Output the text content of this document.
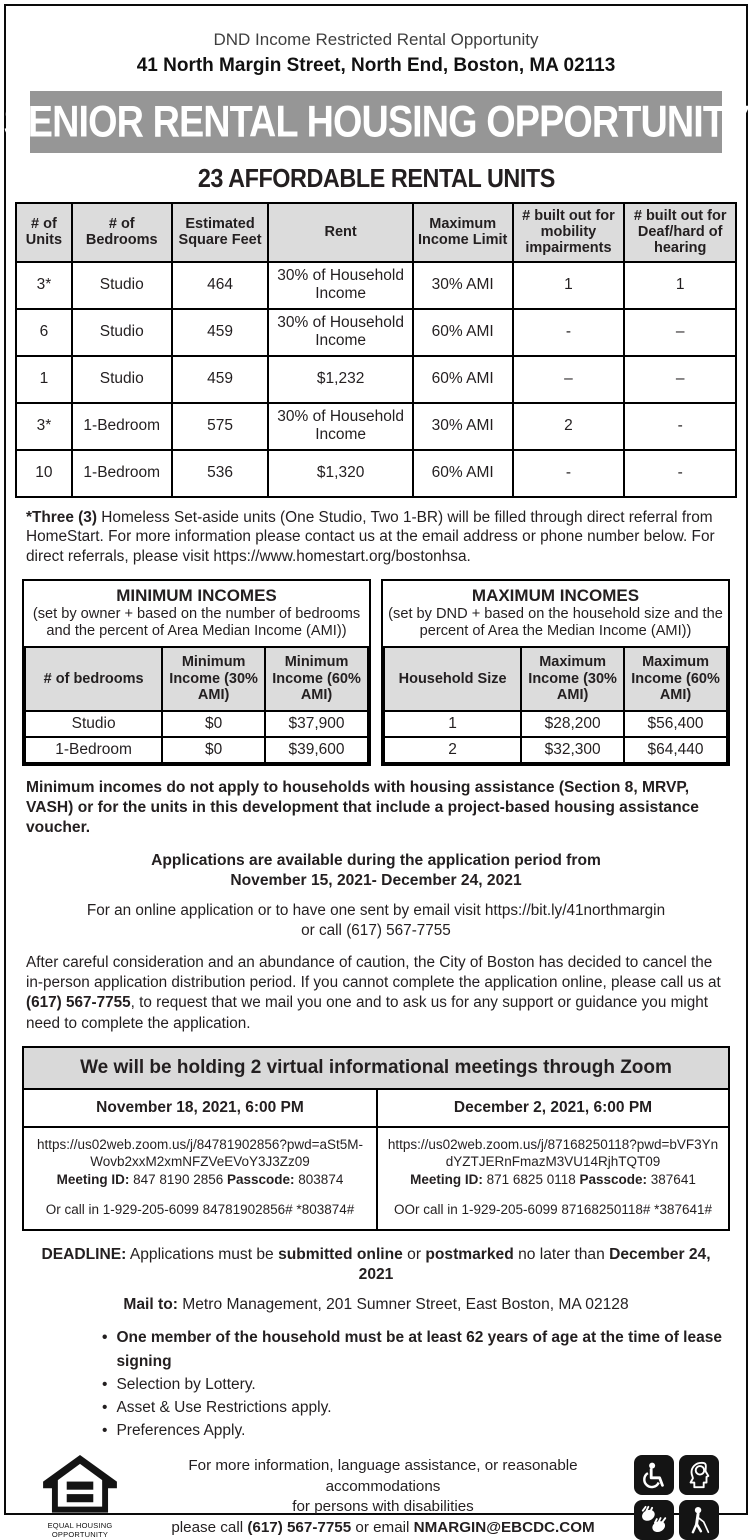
DND Income Restricted Rental Opportunity
41 North Margin Street, North End, Boston, MA 02113
SENIOR RENTAL HOUSING OPPORTUNITY
23 AFFORDABLE RENTAL UNITS
# of Units	# of Bedrooms	Estimated Square Feet	Rent	Maximum Income Limit	# built out for mobility impairments	# built out for Deaf/hard of hearing
3*	Studio	464	30% of Household Income	30% AMI	1	1
6	Studio	459	30% of Household Income	60% AMI	-	–
1	Studio	459	$1,232	60% AMI	–	–
3*	1-Bedroom	575	30% of Household Income	30% AMI	2	-
10	1-Bedroom	536	$1,320	60% AMI	-	-
*Three (3) Homeless Set-aside units (One Studio, Two 1-BR) will be filled through direct referral from HomeStart. For more information please contact us at the email address or phone number below. For direct referrals, please visit https://www.homestart.org/bostonhsa.
MINIMUM INCOMES
(set by owner + based on the number of bedrooms and the percent of Area Median Income (AMI))
# of bedrooms	Minimum Income (30% AMI)	Minimum Income (60% AMI)
Studio	$0	$37,900
1-Bedroom	$0	$39,600
MAXIMUM INCOMES
(set by DND + based on the household size and the percent of Area the Median Income (AMI))
Household Size	Maximum Income (30% AMI)	Maximum Income (60% AMI)
1	$28,200	$56,400
2	$32,300	$64,440
Minimum incomes do not apply to households with housing assistance (Section 8, MRVP, VASH) or for the units in this development that include a project-based housing assistance voucher.
Applications are available during the application period from
November 15, 2021- December 24, 2021
For an online application or to have one sent by email visit https://bit.ly/41northmargin
or call (617) 567-7755
After careful consideration and an abundance of caution, the City of Boston has decided to cancel the in-person application distribution period. If you cannot complete the application online, please call us at (617) 567-7755, to request that we mail you one and to ask us for any support or guidance you might need to complete the application.
We will be holding 2 virtual informational meetings through Zoom
November 18, 2021, 6:00 PM
https://us02web.zoom.us/j/84781902856?pwd=aSt5M-Wovb2xxM2xmNFZVeEVoY3J3Zz09
Meeting ID: 847 8190 2856 Passcode: 803874
Or call in 1-929-205-6099 84781902856# *803874#
December 2, 2021, 6:00 PM
https://us02web.zoom.us/j/87168250118?pwd=bVF3YndYZTJERnFmazM3VU14RjhTQT09
Meeting ID: 871 6825 0118 Passcode: 387641
OOr call in 1-929-205-6099 87168250118# *387641#
DEADLINE: Applications must be submitted online or postmarked no later than December 24, 2021
Mail to: Metro Management, 201 Sumner Street, East Boston, MA 02128
• One member of the household must be at least 62 years of age at the time of lease signing
• Selection by Lottery.
• Asset & Use Restrictions apply.
• Preferences Apply.
EQUAL HOUSING
OPPORTUNITY
For more information, language assistance, or reasonable accommodations
for persons with disabilities
please call (617) 567-7755 or email NMARGIN@EBCDC.COM
